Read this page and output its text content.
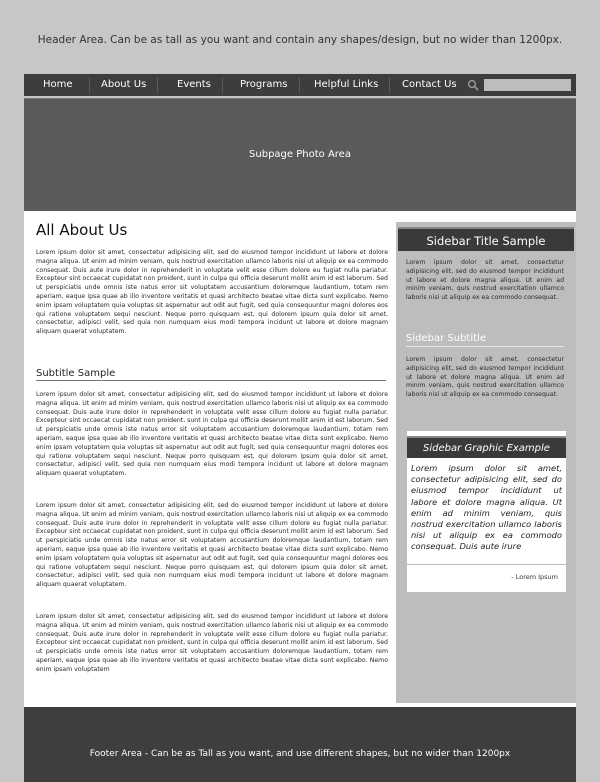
Header Area. Can be as tall as you want and contain any shapes/design, but no wider than 1200px.
Home	About Us	Events	Programs	Helpful Links Contact Us
Subpage Photo Area
All About Us
Lorem ipsum dolor sit amet, consectetur adipisicing elit, sed do eiusmod tempor incididunt ut labore et dolore magna aliqua. Ut enim ad minim veniam, quis nostrud exercitation ullamco laboris nisi ut aliquip ex ea commodo consequat. Duis aute irure dolor in reprehenderit in voluptate velit esse cillum dolore eu fugiat nulla pariatur. Excepteur sint occaecat cupidatat non proident, sunt in culpa qui officia deserunt mollit anim id est laborum. Sed ut perspiciatis unde omnis iste natus error sit voluptatem accusantium doloremque laudantium, totam rem aperiam, eaque ipsa quae ab illo inventore veritatis et quasi architecto beatae vitae dicta sunt explicabo. Nemo enim ipsam voluptatem quia voluptas sit aspernatur aut odit aut fugit, sed quia consequuntur magni dolores eos qui ratione voluptatem sequi nesciunt. Neque porro quisquam est, qui dolorem ipsum quia dolor sit amet, consectetur, adipisci velit, sed quia non numquam eius modi tempora incidunt ut labore et dolore magnam aliquam quaerat voluptatem.
Subtitle Sample
Lorem ipsum dolor sit amet, consectetur adipisicing elit, sed do eiusmod tempor incididunt ut labore et dolore magna aliqua. Ut enim ad minim veniam, quis nostrud exercitation ullamco laboris nisi ut aliquip ex ea commodo consequat. Duis aute irure dolor in reprehenderit in voluptate velit esse cillum dolore eu fugiat nulla pariatur. Excepteur sint occaecat cupidatat non proident, sunt in culpa qui officia deserunt mollit anim id est laborum. Sed ut perspiciatis unde omnis iste natus error sit voluptatem accusantium doloremque laudantium, totam rem aperiam, eaque ipsa quae ab illo inventore veritatis et quasi architecto beatae vitae dicta sunt explicabo. Nemo enim ipsam voluptatem quia voluptas sit aspernatur aut odit aut fugit, sed quia consequuntur magni dolores eos qui ratione voluptatem sequi nesciunt. Neque porro quisquam est, qui dolorem ipsum quia dolor sit amet, consectetur, adipisci velit, sed quia non numquam eius modi tempora incidunt ut labore et dolore magnam aliquam quaerat voluptatem.
Lorem ipsum dolor sit amet, consectetur adipisicing elit, sed do eiusmod tempor incididunt ut labore et dolore magna aliqua. Ut enim ad minim veniam, quis nostrud exercitation ullamco laboris nisi ut aliquip ex ea commodo consequat. Duis aute irure dolor in reprehenderit in voluptate velit esse cillum dolore eu fugiat nulla pariatur. Excepteur sint occaecat cupidatat non proident, sunt in culpa qui officia deserunt mollit anim id est laborum. Sed ut perspiciatis unde omnis iste natus error sit voluptatem accusantium doloremque laudantium, totam rem aperiam, eaque ipsa quae ab illo inventore veritatis et quasi architecto beatae vitae dicta sunt explicabo. Nemo enim ipsam voluptatem quia voluptas sit aspernatur aut odit aut fugit, sed quia consequuntur magni dolores eos qui ratione voluptatem sequi nesciunt. Neque porro quisquam est, qui dolorem ipsum quia dolor sit amet, consectetur, adipisci velit, sed quia non numquam eius modi tempora incidunt ut labore et dolore magnam aliquam quaerat voluptatem.
Lorem ipsum dolor sit amet, consectetur adipisicing elit, sed do eiusmod tempor incididunt ut labore et dolore magna aliqua. Ut enim ad minim veniam, quis nostrud exercitation ullamco laboris nisi ut aliquip ex ea commodo consequat. Duis aute irure dolor in reprehenderit in voluptate velit esse cillum dolore eu fugiat nulla pariatur. Excepteur sint occaecat cupidatat non proident, sunt in culpa qui officia deserunt mollit anim id est laborum. Sed ut perspiciatis unde omnis iste natus error sit voluptatem accusantium doloremque laudantium, totam rem aperiam, eaque ipsa quae ab illo inventore veritatis et quasi architecto beatae vitae dicta sunt explicabo. Nemo enim ipsam voluptatem
Sidebar Title Sample
Lorem ipsum dolor sit amet, consectetur adipisicing elit, sed do eiusmod tempor incididunt ut labore et dolore magna aliqua. Ut enim ad minim veniam, quis nostrud exercitation ullamco laboris nisi ut aliquip ex ea commodo consequat.
Sidebar Subtitle
Lorem ipsum dolor sit amet, consectetur adipisicing elit, sed do eiusmod tempor incididunt ut labore et dolore magna aliqua. Ut enim ad minim veniam, quis nostrud exercitation ullamco laboris nisi ut aliquip ex ea commodo consequat.
Sidebar Graphic Example
Lorem ipsum dolor sit amet, consectetur adipisicing elit, sed do eiusmod tempor incididunt ut labore et dolore magna aliqua. Ut enim ad minim veniam, quis nostrud exercitation ullamco laboris nisi ut aliquip ex ea commodo consequat. Duis aute irure
- Lorem Ipsum
Footer Area - Can be as Tall as you want, and use different shapes, but no wider than 1200px
